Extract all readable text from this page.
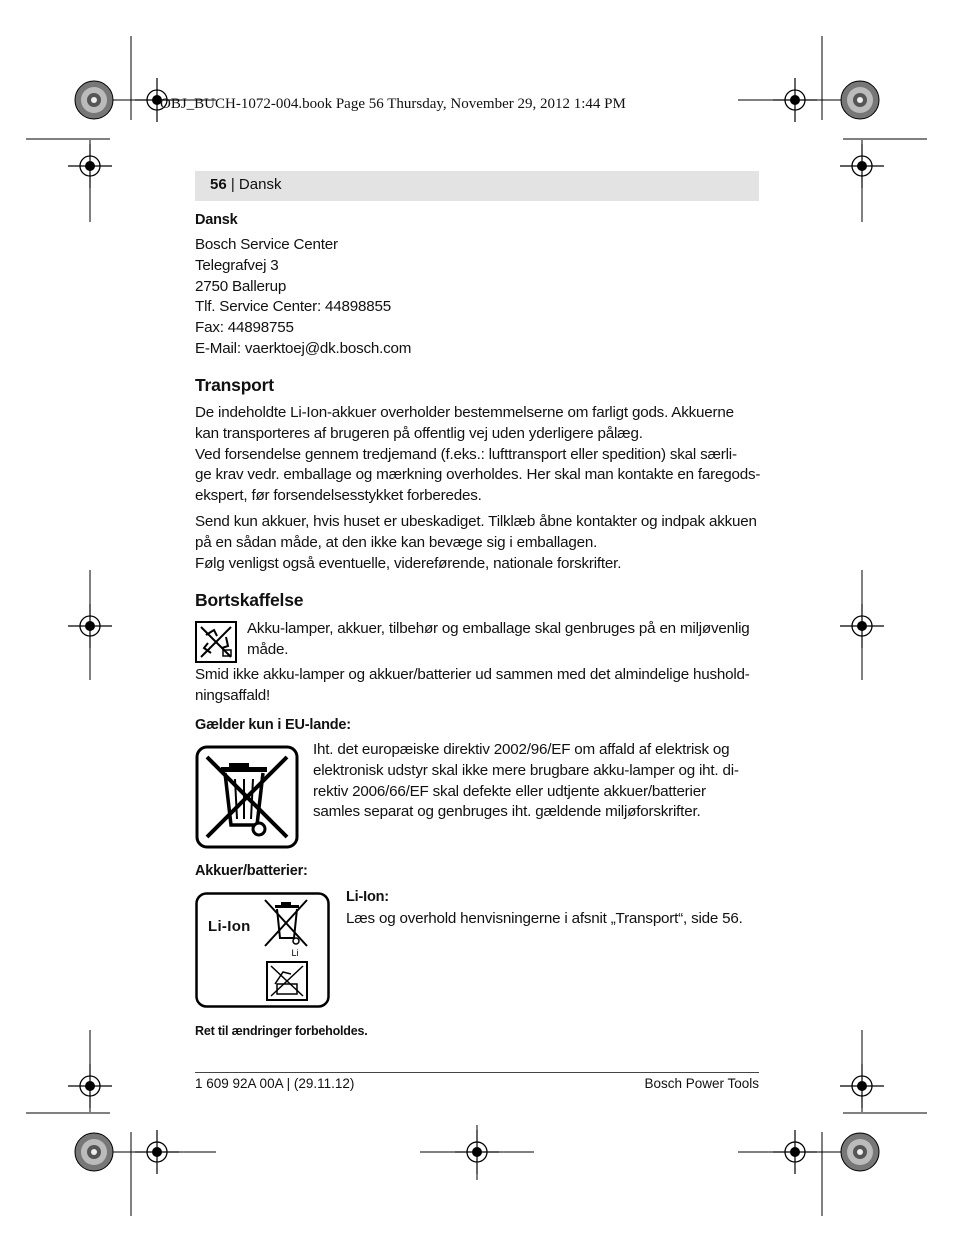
OBJ_BUCH-1072-004.book Page 56 Thursday, November 29, 2012 1:44 PM
56 | Dansk
Dansk
Bosch Service Center
Telegrafvej 3
2750 Ballerup
Tlf. Service Center: 44898855
Fax: 44898755
E-Mail: vaerktoej@dk.bosch.com
Transport
De indeholdte Li-Ion-akkuer overholder bestemmelserne om farligt gods. Akkuerne
kan transporteres af brugeren på offentlig vej uden yderligere pålæg.
Ved forsendelse gennem tredjemand (f.eks.: lufttransport eller spedition) skal særli-
ge krav vedr. emballage og mærkning overholdes. Her skal man kontakte en faregods-
ekspert, før forsendelsesstykket forberedes.
Send kun akkuer, hvis huset er ubeskadiget. Tilklæb åbne kontakter og indpak akkuen
på en sådan måde, at den ikke kan bevæge sig i emballagen.
Følg venligst også eventuelle, videreførende, nationale forskrifter.
Bortskaffelse
Akku-lamper, akkuer, tilbehør og emballage skal genbruges på en miljøvenlig
måde.
Smid ikke akku-lamper og akkuer/batterier ud sammen med det almindelige hushold-
ningsaffald!
Gælder kun i EU-lande:
Iht. det europæiske direktiv 2002/96/EF om affald af elektrisk og
elektronisk udstyr skal ikke mere brugbare akku-lamper og iht. di-
rektiv 2006/66/EF skal defekte eller udtjente akkuer/batterier
samles separat og genbruges iht. gældende miljøforskrifter.
Akkuer/batterier:
Li
Li-Ion
Li-Ion:
Læs og overhold henvisningerne i afsnit „Transport“, side 56.
Ret til ændringer forbeholdes.
1 609 92A 00A | (29.11.12)	Bosch Power Tools
